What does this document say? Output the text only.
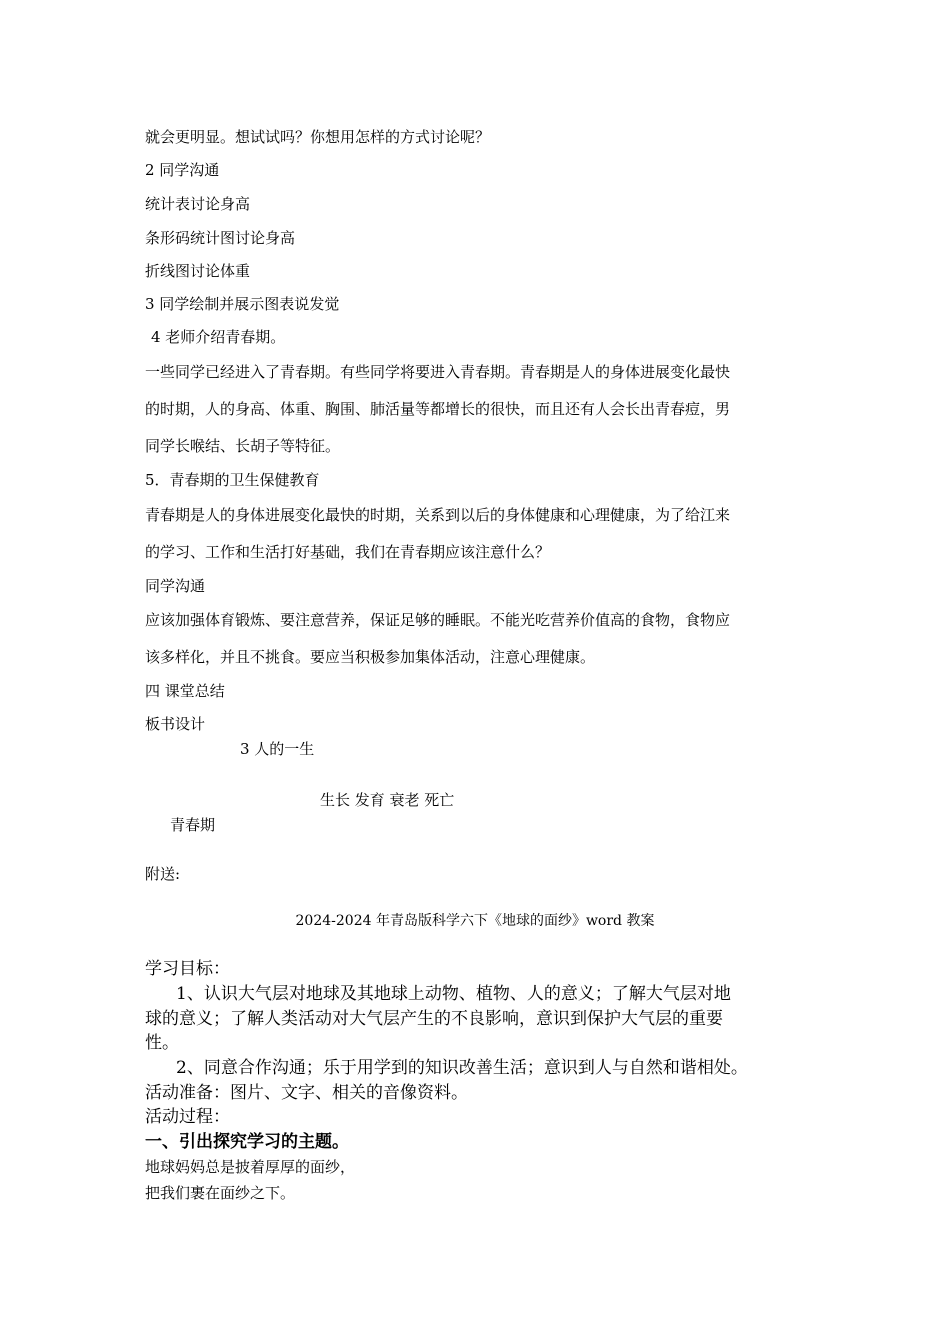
就会更明显。想试试吗？你想用怎样的方式讨论呢？
2 同学沟通
统计表讨论身高
条形码统计图讨论身高
折线图讨论体重
3 同学绘制并展示图表说发觉
4 老师介绍青春期。
一些同学已经进入了青春期。有些同学将要进入青春期。青春期是人的身体进展变化最快
的时期，人的身高、体重、胸围、肺活量等都增长的很快，而且还有人会长出青春痘，男
同学长喉结、长胡子等特征。
5．青春期的卫生保健教育
青春期是人的身体进展变化最快的时期，关系到以后的身体健康和心理健康，为了给江来
的学习、工作和生活打好基础，我们在青春期应该注意什么？
同学沟通
应该加强体育锻炼、要注意营养，保证足够的睡眠。不能光吃营养价值高的食物，食物应
该多样化，并且不挑食。要应当积极参加集体活动，注意心理健康。
四 课堂总结
板书设计
3 人的一生
生长 发育 衰老 死亡
青春期
附送:
2024-2024 年青岛版科学六下《地球的面纱》word 教案
学习目标：
1、认识大气层对地球及其地球上动物、植物、人的意义；了解大气层对地
球的意义；了解人类活动对大气层产生的不良影响，意识到保护大气层的重要
性。
2、同意合作沟通；乐于用学到的知识改善生活；意识到人与自然和谐相处。
活动准备：图片、文字、相关的音像资料。
活动过程：
一、引出探究学习的主题。
地球妈妈总是披着厚厚的面纱，
把我们裹在面纱之下。
